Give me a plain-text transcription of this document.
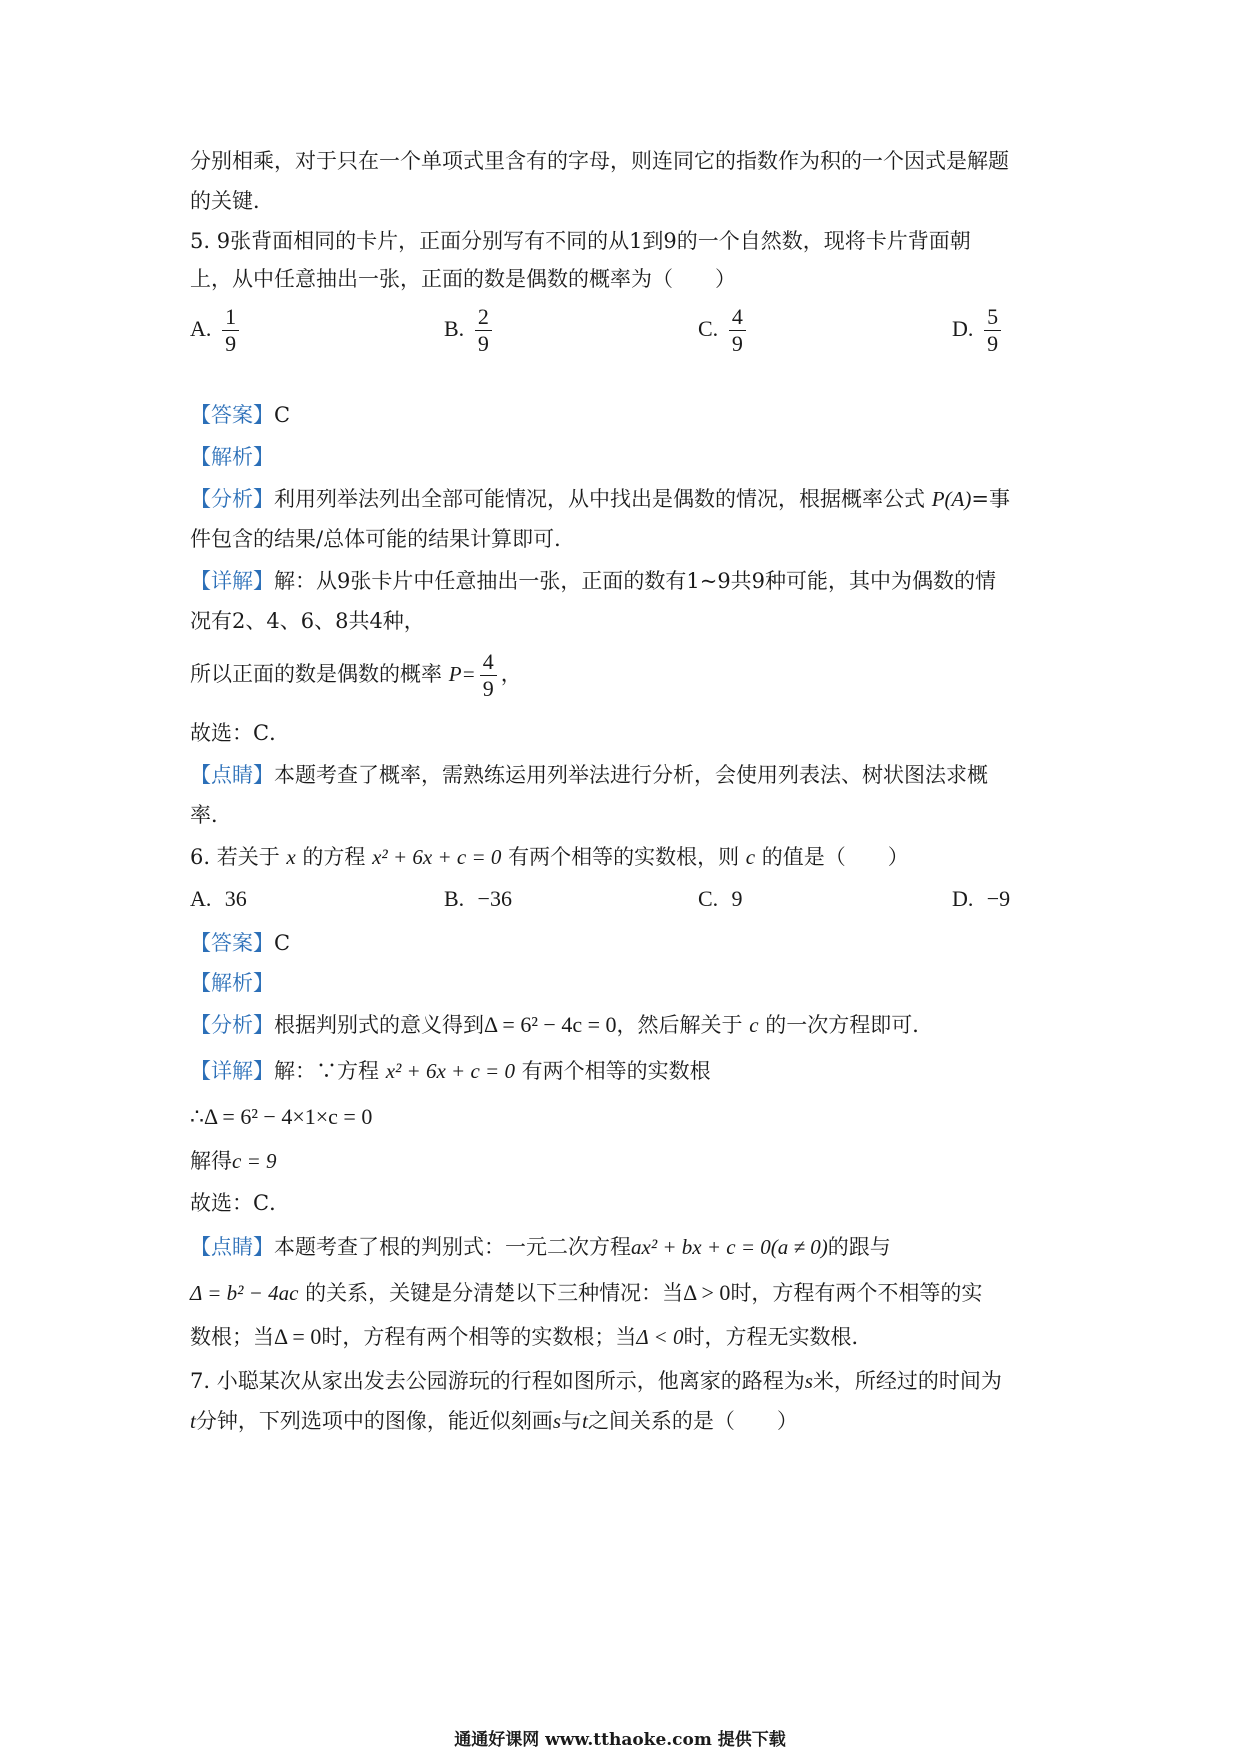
分别相乘，对于只在一个单项式里含有的字母，则连同它的指数作为积的一个因式是解题
的关键．
5. 9张背面相同的卡片，正面分别写有不同的从1到9的一个自然数，现将卡片背面朝
上，从中任意抽出一张，正面的数是偶数的概率为（　　）
A. $\frac{1}{9}$	B. $\frac{2}{9}$	C. $\frac{4}{9}$	D. $\frac{5}{9}$
【答案】C
【解析】
【分析】利用列举法列出全部可能情况，从中找出是偶数的情况，根据概率公式 P(A)=事
件包含的结果/总体可能的结果计算即可．
【详解】解：从9张卡片中任意抽出一张，正面的数有1~9共9种可能，其中为偶数的情
况有2、4、6、8共4种，
所以正面的数是偶数的概率 $P= \frac{4}{9}$ ，
故选：C．
【点睛】本题考查了概率，需熟练运用列举法进行分析，会使用列表法、树状图法求概
率．
6. 若关于 x 的方程 x² + 6x + c = 0 有两个相等的实数根，则 c 的值是（　　）
A. 36	B. −36	C. 9	D. −9
【答案】C
【解析】
【分析】根据判别式的意义得到Δ = 6² − 4c = 0，然后解关于 c 的一次方程即可．
【详解】解：∵方程 x² + 6x + c = 0 有两个相等的实数根
∴Δ = 6² − 4×1×c = 0
解得c = 9
故选：C．
【点睛】本题考查了根的判别式：一元二次方程ax² + bx + c = 0(a ≠ 0)的跟与
Δ = b² − 4ac 的关系，关键是分清楚以下三种情况：当Δ > 0时，方程有两个不相等的实
数根；当Δ = 0时，方程有两个相等的实数根；当Δ < 0时，方程无实数根．
7. 小聪某次从家出发去公园游玩的行程如图所示，他离家的路程为s米，所经过的时间为
t分钟，下列选项中的图像，能近似刻画s与t之间关系的是（　　）
通通好课网 www.tthaoke.com 提供下载
